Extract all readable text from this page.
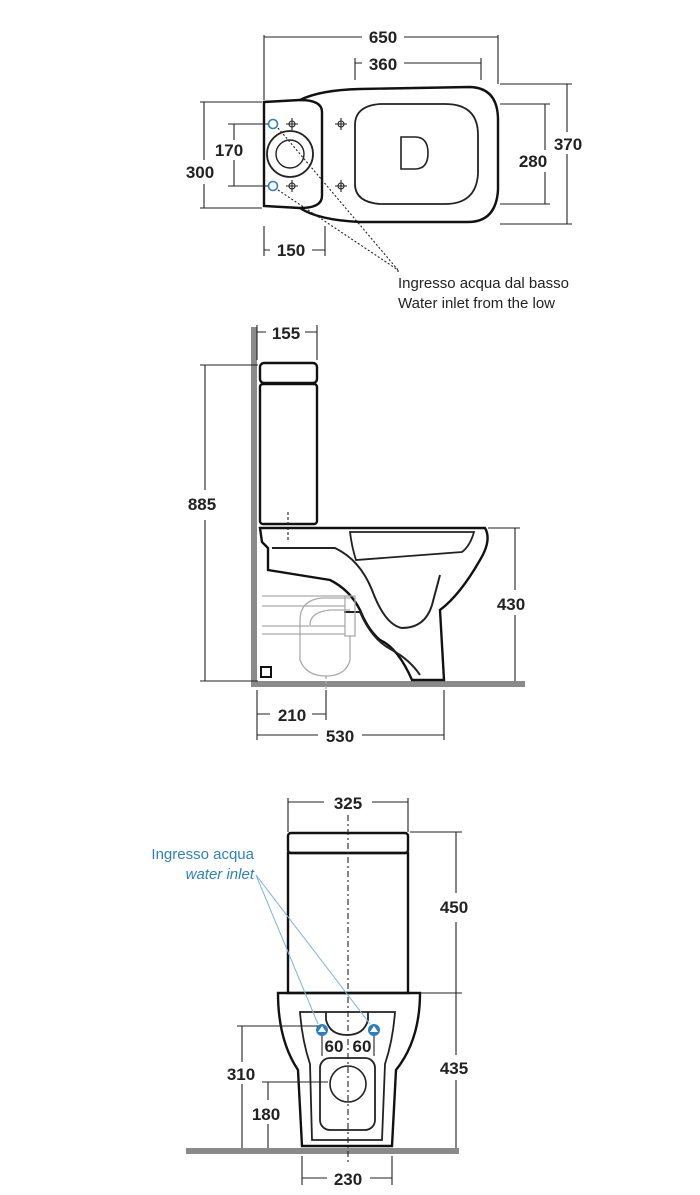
650
360
300
170
280
370
150
Ingresso acqua dal basso
Water inlet from the low
155
885
430
210
530
325
450
435
310
180
60 60
230
Ingresso acqua
water inlet
